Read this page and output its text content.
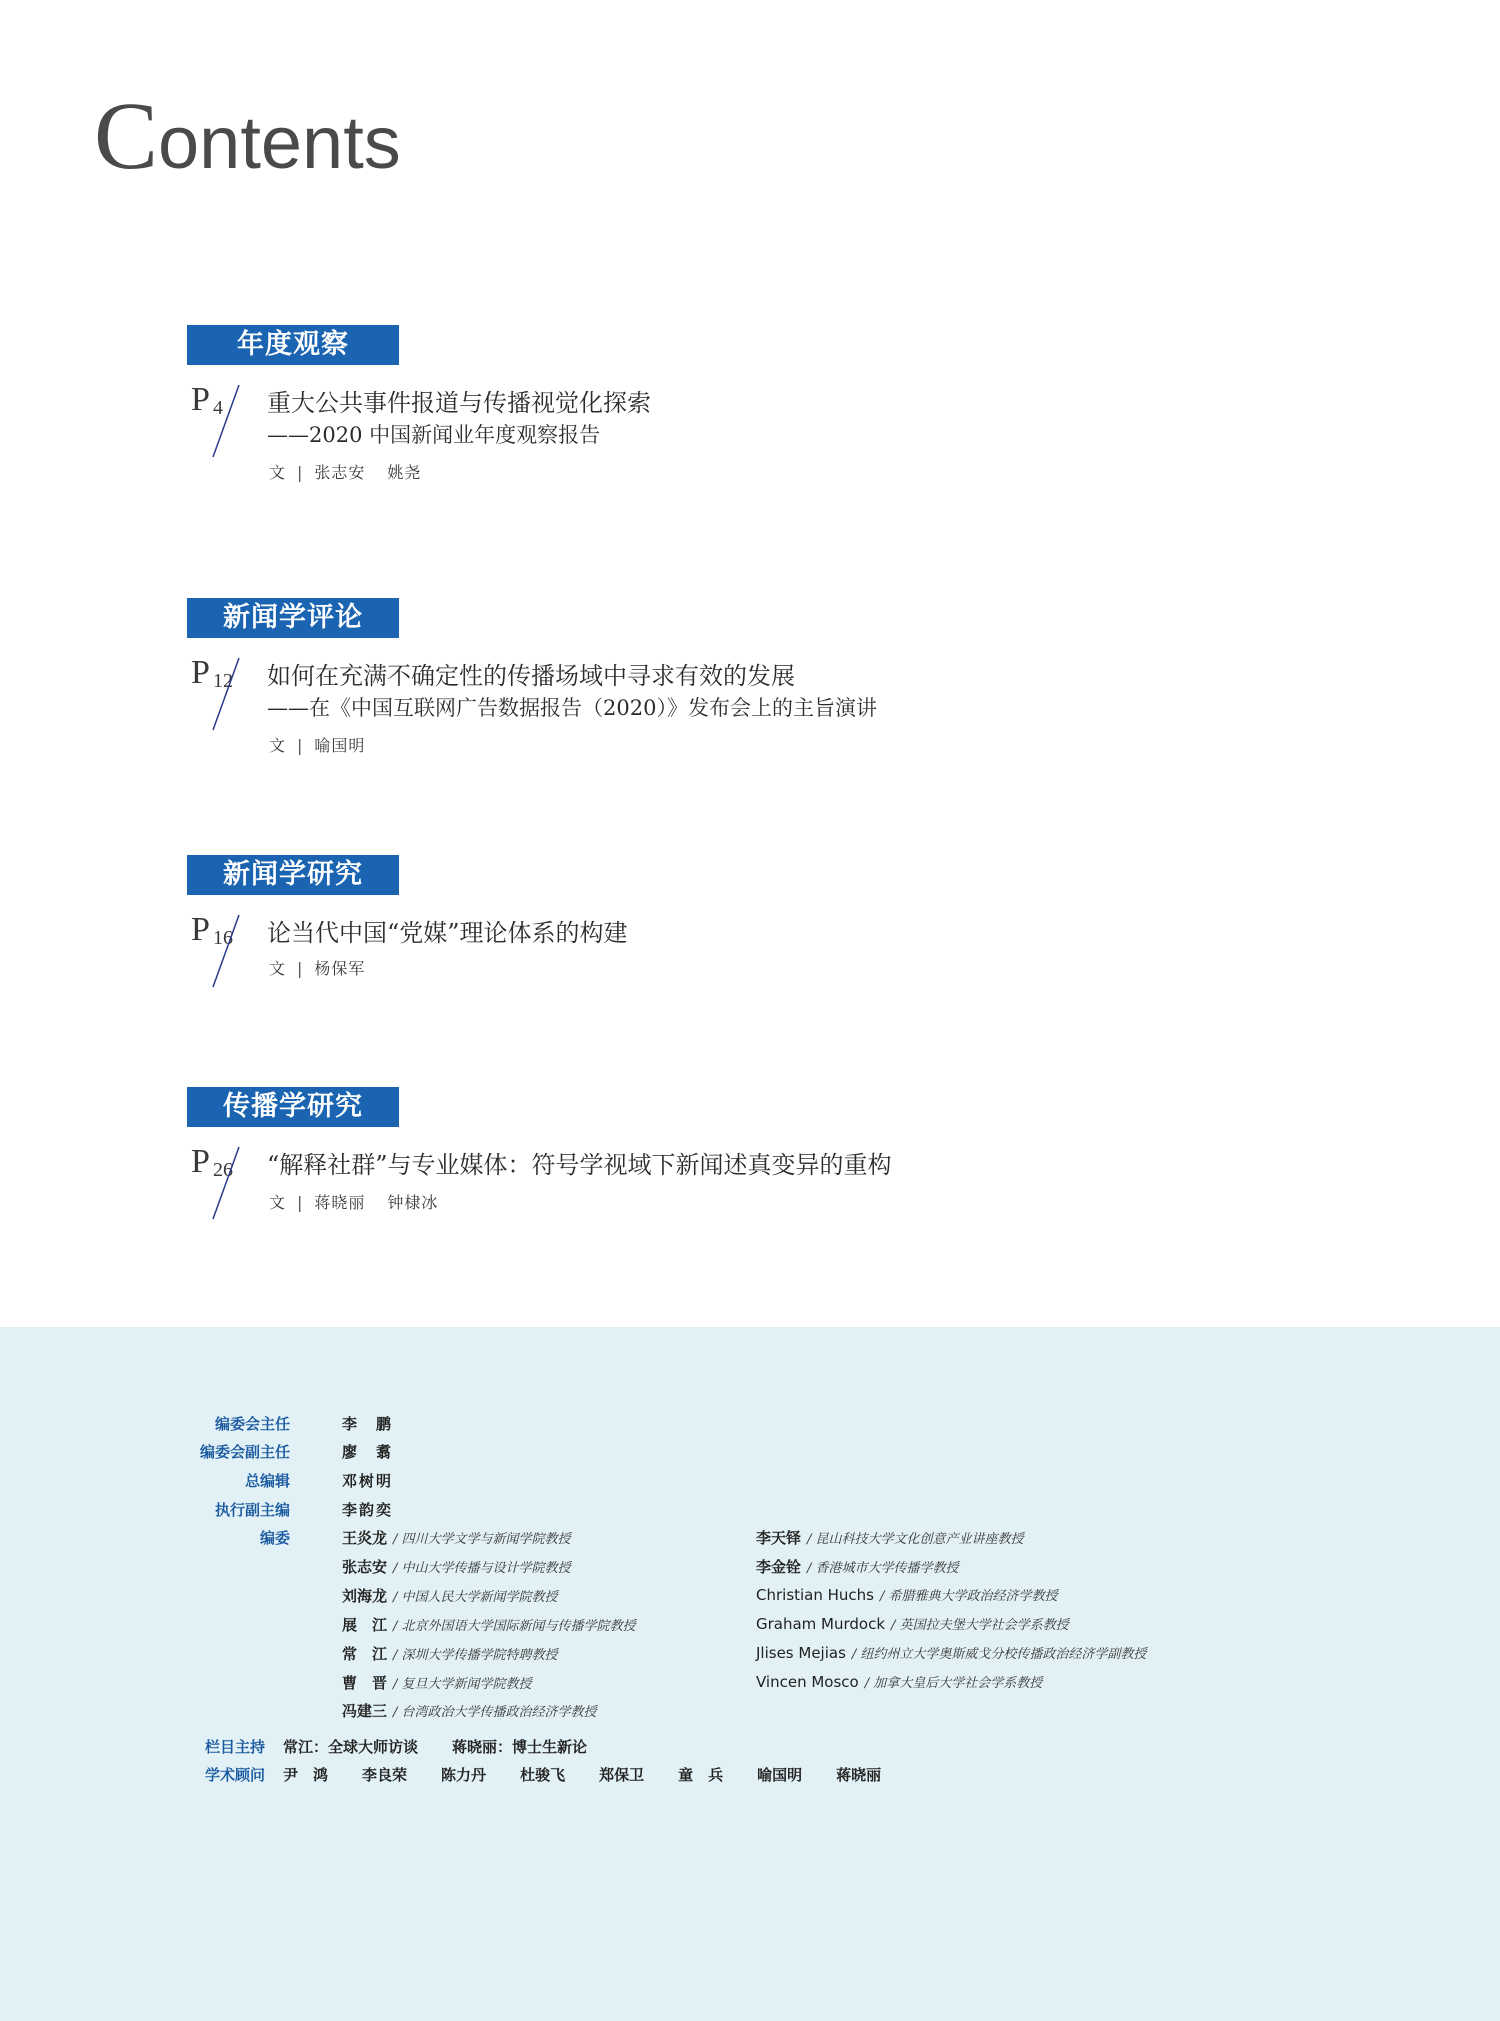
Contents
年度观察
P 4 重大公共事件报道与传播视觉化探索
——2020 中国新闻业年度观察报告
文 | 张志安 姚尧
新闻学评论
P 12 如何在充满不确定性的传播场域中寻求有效的发展
——在《中国互联网广告数据报告（2020）》发布会上的主旨演讲
文 | 喻国明
新闻学研究
P 16 论当代中国“党媒”理论体系的构建
文 | 杨保军
传播学研究
P 26 “解释社群”与专业媒体：符号学视域下新闻述真变异的重构
文 | 蒋晓丽 钟棣冰
编委会主任	李　鹏
编委会副主任	廖　翥
总编辑	邓树明
执行副主编	李韵奕
编委	王炎龙 / 四川大学文学与新闻学院教授
张志安 / 中山大学传播与设计学院教授
刘海龙 / 中国人民大学新闻学院教授
展　江 / 北京外国语大学国际新闻与传播学院教授
常　江 / 深圳大学传播学院特聘教授
曹　晋 / 复旦大学新闻学院教授
冯建三 / 台湾政治大学传播政治经济学教授
李天铎 / 昆山科技大学文化创意产业讲座教授
李金铨 / 香港城市大学传播学教授
Christian Huchs / 希腊雅典大学政治经济学教授
Graham Murdock / 英国拉夫堡大学社会学系教授
Jlises Mejias / 纽约州立大学奥斯威戈分校传播政治经济学副教授
Vincen Mosco / 加拿大皇后大学社会学系教授
栏目主持 常江：全球大师访谈 蒋晓丽：博士生新论
学术顾问 尹　鸿 李良荣 陈力丹 杜骏飞 郑保卫 童　兵 喻国明 蒋晓丽
